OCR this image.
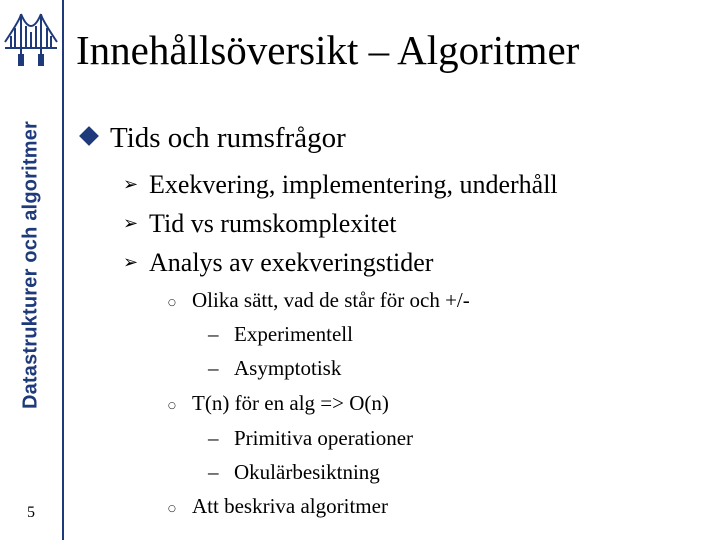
Datastrukturer och algoritmer
5
Innehållsöversikt – Algoritmer
Tids och rumsfrågor
➢ Exekvering, implementering, underhåll
➢ Tid vs rumskomplexitet
➢ Analys av exekveringstider
○ Olika sätt, vad de står för och +/-
– Experimentell
– Asymptotisk
○ T(n) för en alg => O(n)
– Primitiva operationer
– Okulärbesiktning
○ Att beskriva algoritmer
